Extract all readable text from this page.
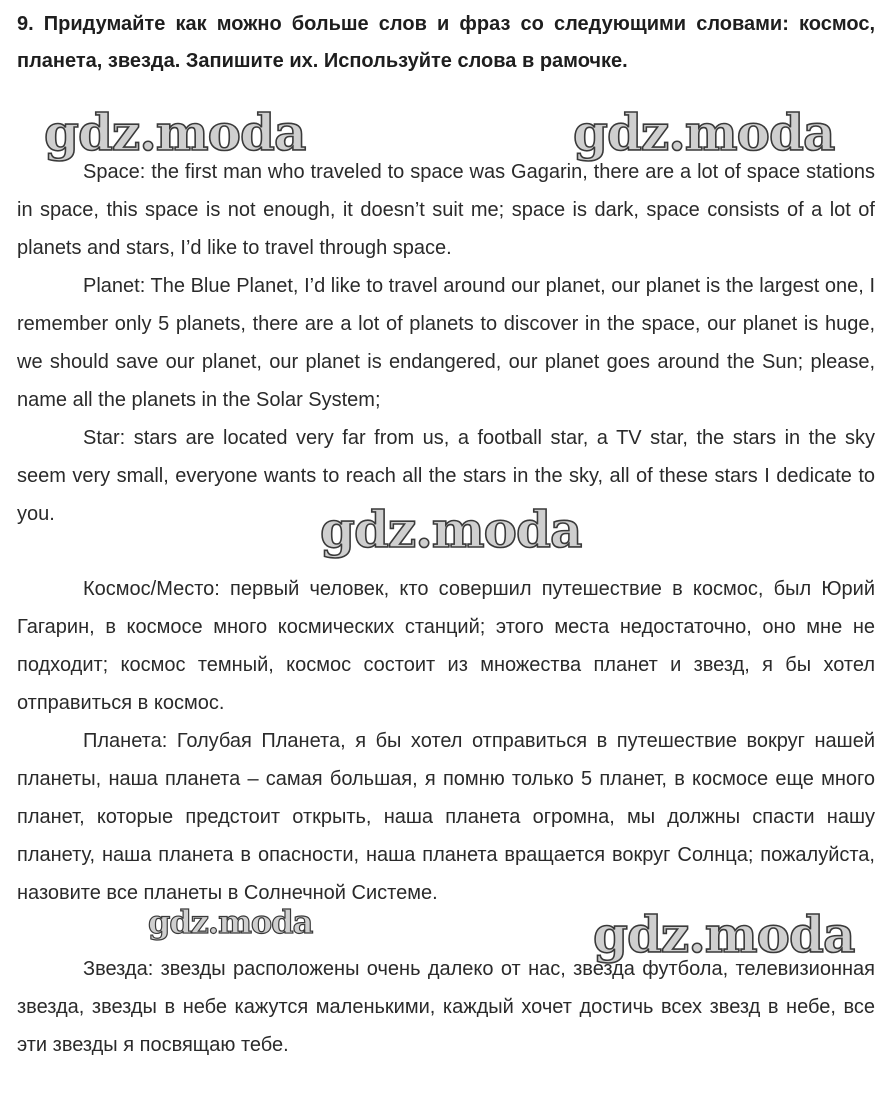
9. Придумайте как можно больше слов и фраз со следующими словами: космос, планета, звезда. Запишите их. Используйте слова в рамочке.

Space: the first man who traveled to space was Gagarin, there are a lot of space stations in space, this space is not enough, it doesn’t suit me; space is dark, space consists of a lot of planets and stars, I’d like to travel through space.

Planet: The Blue Planet, I’d like to travel around our planet, our planet is the largest one, I remember only 5 planets, there are a lot of planets to discover in the space, our planet is huge, we should save our planet, our planet is endangered, our planet goes around the Sun; please, name all the planets in the Solar System;

Star: stars are located very far from us, a football star, a TV star, the stars in the sky seem very small, everyone wants to reach all the stars in the sky, all of these stars I dedicate to you.

Космос/Место: первый человек, кто совершил путешествие в космос, был Юрий Гагарин, в космосе много космических станций; этого места недостаточно, оно мне не подходит; космос темный, космос состоит из множества планет и звезд, я бы хотел отправиться в космос.

Планета: Голубая Планета, я бы хотел отправиться в путешествие вокруг нашей планеты, наша планета – самая большая, я помню только 5 планет, в космосе еще много планет, которые предстоит открыть, наша планета огромна, мы должны спасти нашу планету, наша планета в опасности, наша планета вращается вокруг Солнца; пожалуйста, назовите все планеты в Солнечной Системе.

Звезда: звезды расположены очень далеко от нас, звезда футбола, телевизионная звезда, звезды в небе кажутся маленькими, каждый хочет достичь всех звезд в небе, все эти звезды я посвящаю тебе.

gdz.moda	gdz.moda
gdz.moda
gdz.moda	gdz.moda
